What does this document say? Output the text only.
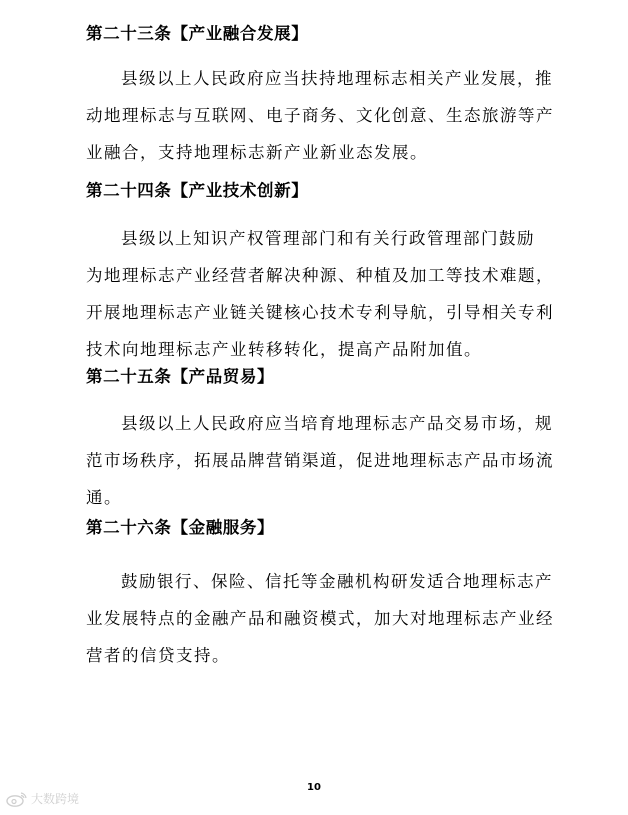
第二十三条【产业融合发展】
县级以上人民政府应当扶持地理标志相关产业发展，推
动地理标志与互联网、电子商务、文化创意、生态旅游等产
业融合，支持地理标志新产业新业态发展。
第二十四条【产业技术创新】
县级以上知识产权管理部门和有关行政管理部门鼓励
为地理标志产业经营者解决种源、种植及加工等技术难题，
开展地理标志产业链关键核心技术专利导航，引导相关专利
技术向地理标志产业转移转化，提高产品附加值。
第二十五条【产品贸易】
县级以上人民政府应当培育地理标志产品交易市场，规
范市场秩序，拓展品牌营销渠道，促进地理标志产品市场流
通。
第二十六条【金融服务】
鼓励银行、保险、信托等金融机构研发适合地理标志产
业发展特点的金融产品和融资模式，加大对地理标志产业经
营者的信贷支持。
10
大数跨境
